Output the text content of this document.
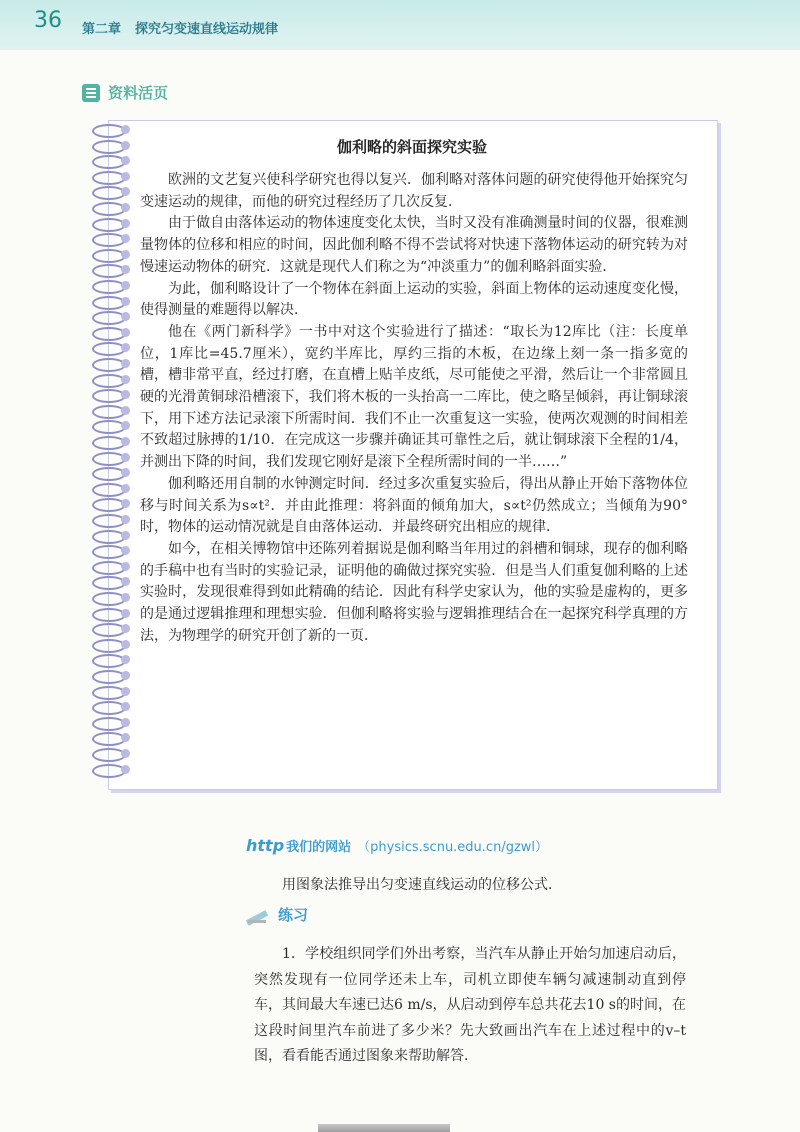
36 第二章 探究匀变速直线运动规律
资料活页
伽利略的斜面探究实验

欧洲的文艺复兴使科学研究也得以复兴．伽利略对落体问题的研究使得他开始探究匀变速运动的规律，而他的研究过程经历了几次反复．

由于做自由落体运动的物体速度变化太快，当时又没有准确测量时间的仪器，很难测量物体的位移和相应的时间，因此伽利略不得不尝试将对快速下落物体运动的研究转为对慢速运动物体的研究．这就是现代人们称之为“冲淡重力”的伽利略斜面实验．

为此，伽利略设计了一个物体在斜面上运动的实验，斜面上物体的运动速度变化慢，使得测量的难题得以解决．

他在《两门新科学》一书中对这个实验进行了描述：“取长为12库比（注：长度单位，1库比=45.7厘米），宽约半库比，厚约三指的木板，在边缘上刻一条一指多宽的槽，槽非常平直，经过打磨，在直槽上贴羊皮纸，尽可能使之平滑，然后让一个非常圆且硬的光滑黄铜球沿槽滚下，我们将木板的一头抬高一二库比，使之略呈倾斜，再让铜球滚下，用下述方法记录滚下所需时间．我们不止一次重复这一实验，使两次观测的时间相差不致超过脉搏的1/10．在完成这一步骤并确证其可靠性之后，就让铜球滚下全程的1/4，并测出下降的时间，我们发现它刚好是滚下全程所需时间的一半……”

伽利略还用自制的水钟测定时间．经过多次重复实验后，得出从静止开始下落物体位移与时间关系为s∝t²．并由此推理：将斜面的倾角加大，s∝t²仍然成立；当倾角为90°时，物体的运动情况就是自由落体运动．并最终研究出相应的规律．

如今，在相关博物馆中还陈列着据说是伽利略当年用过的斜槽和铜球，现存的伽利略的手稿中也有当时的实验记录，证明他的确做过探究实验．但是当人们重复伽利略的上述实验时，发现很难得到如此精确的结论．因此有科学史家认为，他的实验是虚构的，更多的是通过逻辑推理和理想实验．但伽利略将实验与逻辑推理结合在一起探究科学真理的方法，为物理学的研究开创了新的一页．

http 我们的网站 （physics.scnu.edu.cn/gzwl）
用图象法推导出匀变速直线运动的位移公式．
练习

1．学校组织同学们外出考察，当汽车从静止开始匀加速启动后，突然发现有一位同学还未上车，司机立即使车辆匀减速制动直到停车，其间最大车速已达6 m/s，从启动到停车总共花去10 s的时间，在这段时间里汽车前进了多少米？先大致画出汽车在上述过程中的v–t图，看看能否通过图象来帮助解答．
